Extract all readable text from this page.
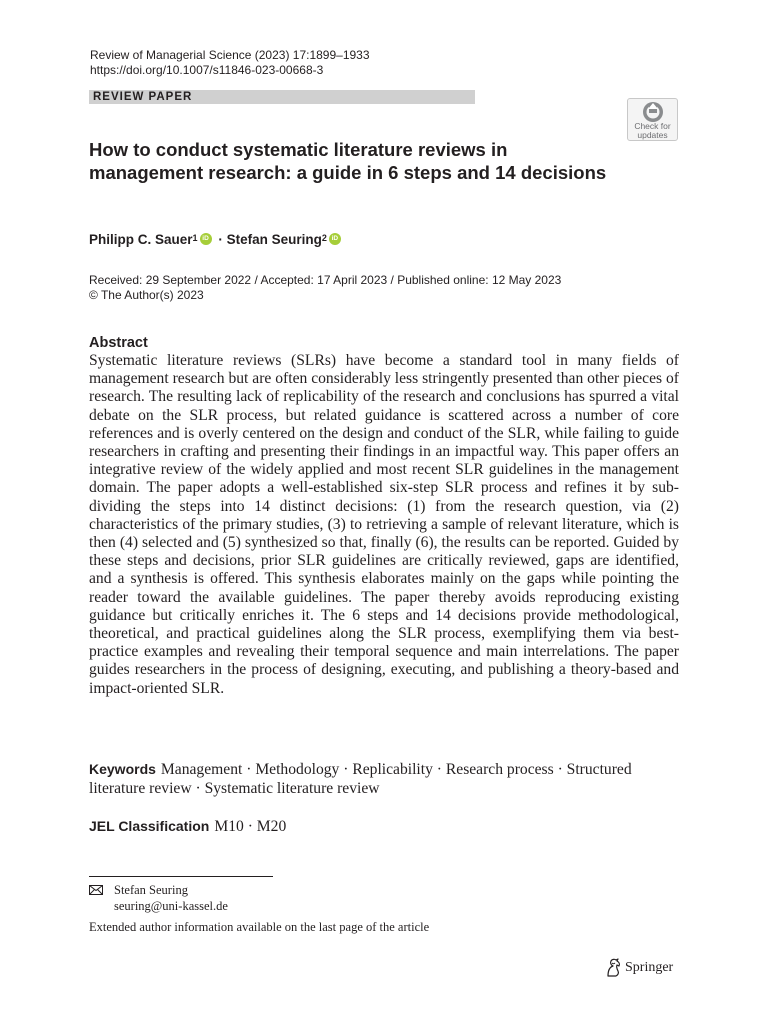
Review of Managerial Science (2023) 17:1899–1933
https://doi.org/10.1007/s11846-023-00668-3
REVIEW PAPER
Check for
updates
How to conduct systematic literature reviews in management research: a guide in 6 steps and 14 decisions
Philipp C. Sauer$^1$ iD · Stefan Seuring$^2$ iD
Received: 29 September 2022 / Accepted: 17 April 2023 / Published online: 12 May 2023
© The Author(s) 2023
Abstract
Systematic literature reviews (SLRs) have become a standard tool in many fields of management research but are often considerably less stringently presented than other pieces of research. The resulting lack of replicability of the research and conclusions has spurred a vital debate on the SLR process, but related guidance is scattered across a number of core references and is overly centered on the design and conduct of the SLR, while failing to guide researchers in crafting and presenting their findings in an impactful way. This paper offers an integrative review of the widely applied and most recent SLR guidelines in the management domain. The paper adopts a well-established six-step SLR process and refines it by sub-dividing the steps into 14 distinct decisions: (1) from the research question, via (2) characteristics of the primary studies, (3) to retrieving a sample of relevant literature, which is then (4) selected and (5) synthesized so that, finally (6), the results can be reported. Guided by these steps and decisions, prior SLR guidelines are critically reviewed, gaps are identified, and a synthesis is offered. This synthesis elaborates mainly on the gaps while pointing the reader toward the available guidelines. The paper thereby avoids reproducing existing guidance but critically enriches it. The 6 steps and 14 decisions provide methodological, theoretical, and practical guidelines along the SLR process, exemplifying them via best-practice examples and revealing their temporal sequence and main interrelations. The paper guides researchers in the process of designing, executing, and publishing a theory-based and impact-oriented SLR.
Keywords Management · Methodology · Replicability · Research process · Structured literature review · Systematic literature review
JEL Classification M10 · M20
Stefan Seuring
seuring@uni-kassel.de
Extended author information available on the last page of the article
Springer
